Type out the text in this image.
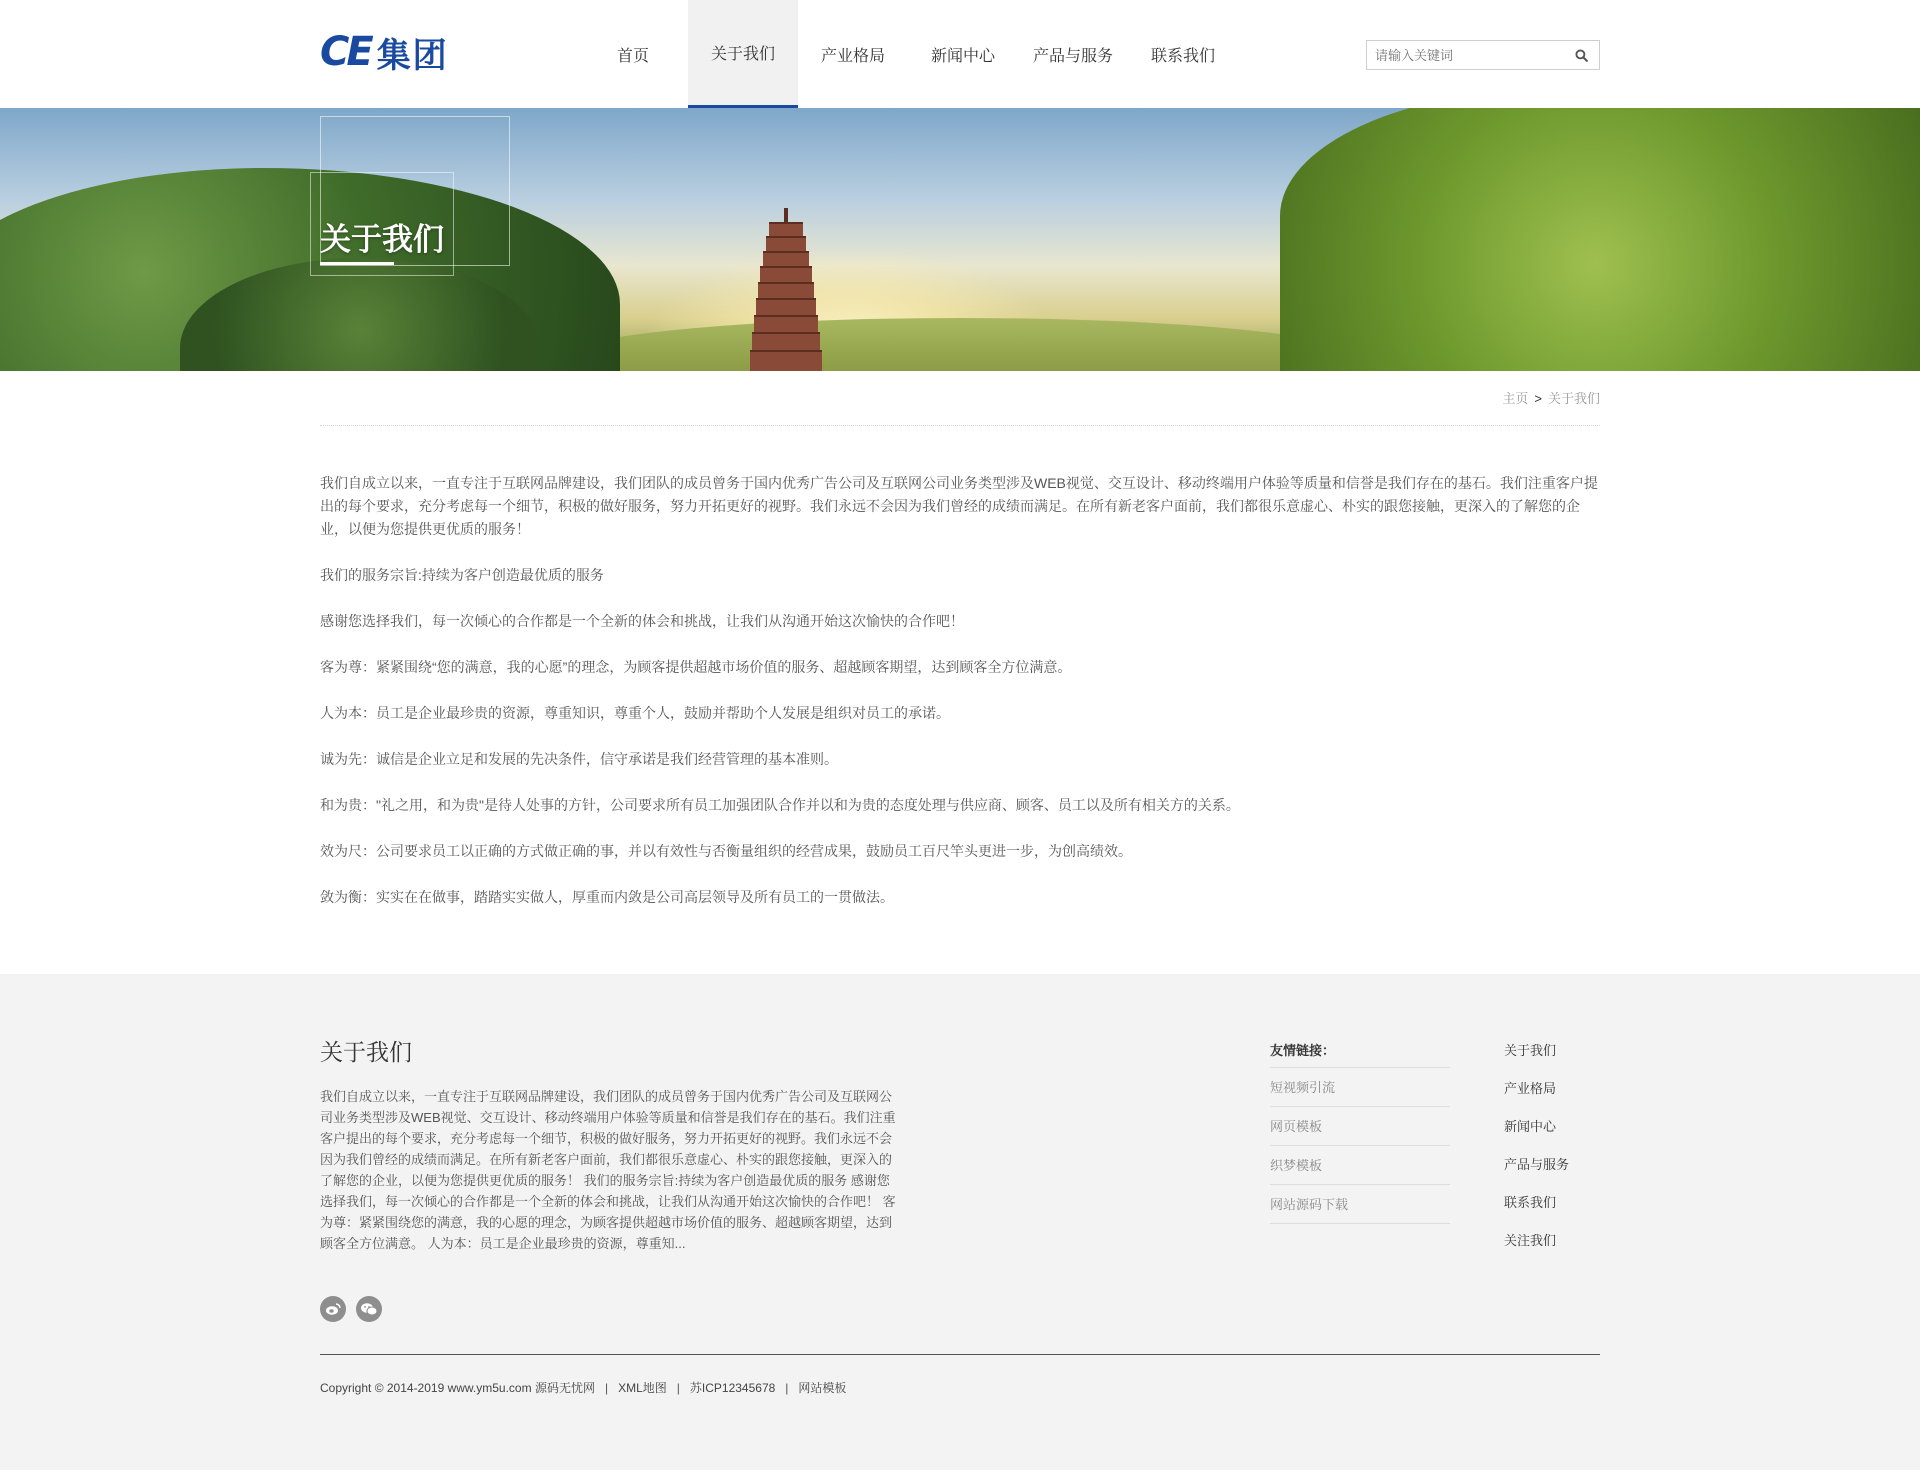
CE 集团	首页	关于我们	产业格局	新闻中心	产品与服务	联系我们
请输入关键词
关于我们
主页 > 关于我们

我们自成立以来，一直专注于互联网品牌建设，我们团队的成员曾务于国内优秀广告公司及互联网公司业务类型涉及WEB视觉、交互设计、移动终端用户体验等质量和信誉是我们存在的基石。我们注重客户提出的每个要求，充分考虑每一个细节，积极的做好服务，努力开拓更好的视野。我们永远不会因为我们曾经的成绩而满足。在所有新老客户面前，我们都很乐意虚心、朴实的跟您接触，更深入的了解您的企业，以便为您提供更优质的服务！

我们的服务宗旨:持续为客户创造最优质的服务

感谢您选择我们，每一次倾心的合作都是一个全新的体会和挑战，让我们从沟通开始这次愉快的合作吧！

客为尊：紧紧围绕“您的满意，我的心愿”的理念，为顾客提供超越市场价值的服务、超越顾客期望，达到顾客全方位满意。

人为本：员工是企业最珍贵的资源，尊重知识，尊重个人，鼓励并帮助个人发展是组织对员工的承诺。

诚为先：诚信是企业立足和发展的先决条件，信守承诺是我们经营管理的基本准则。

和为贵："礼之用，和为贵"是待人处事的方针，公司要求所有员工加强团队合作并以和为贵的态度处理与供应商、顾客、员工以及所有相关方的关系。

效为尺：公司要求员工以正确的方式做正确的事，并以有效性与否衡量组织的经营成果，鼓励员工百尺竿头更进一步，为创高绩效。

敛为衡：实实在在做事，踏踏实实做人，厚重而内敛是公司高层领导及所有员工的一贯做法。

关于我们
我们自成立以来，一直专注于互联网品牌建设，我们团队的成员曾务于国内优秀广告公司及互联网公司业务类型涉及WEB视觉、交互设计、移动终端用户体验等质量和信誉是我们存在的基石。我们注重客户提出的每个要求，充分考虑每一个细节，积极的做好服务，努力开拓更好的视野。我们永远不会因为我们曾经的成绩而满足。在所有新老客户面前，我们都很乐意虚心、朴实的跟您接触，更深入的了解您的企业，以便为您提供更优质的服务！ 我们的服务宗旨:持续为客户创造最优质的服务 感谢您选择我们，每一次倾心的合作都是一个全新的体会和挑战，让我们从沟通开始这次愉快的合作吧！ 客为尊：紧紧围绕您的满意，我的心愿的理念，为顾客提供超越市场价值的服务、超越顾客期望，达到顾客全方位满意。 人为本：员工是企业最珍贵的资源，尊重知...
友情链接：
短视频引流
网页模板
织梦模板
网站源码下载
关于我们
产业格局
新闻中心
产品与服务
联系我们
关注我们
Copyright © 2014-2019 www.ym5u.com 源码无忧网 | XML地图 | 苏ICP12345678 | 网站模板
